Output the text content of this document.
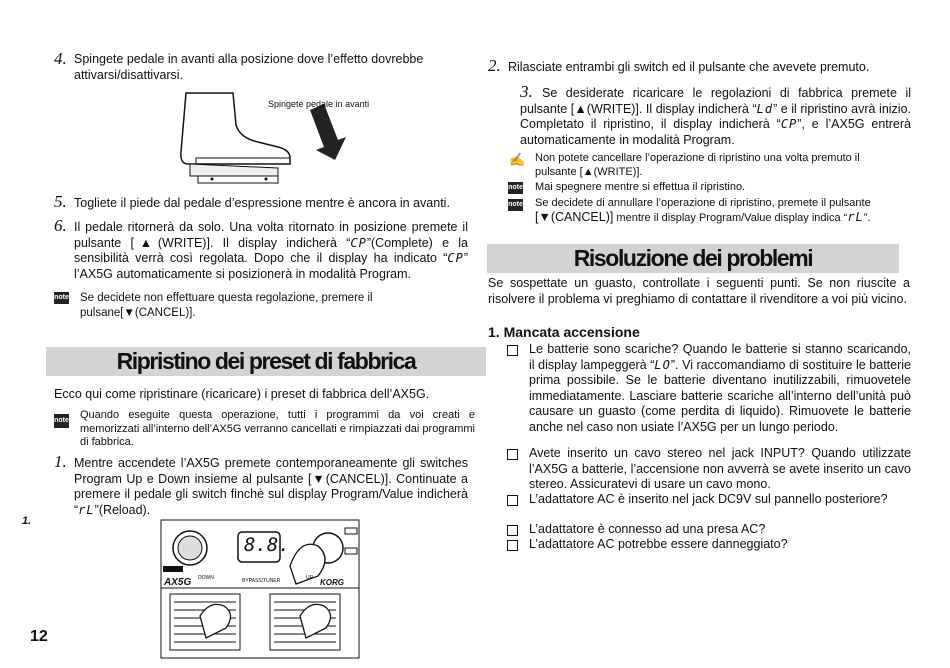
4. Spingete pedale in avanti alla posizione dove l’effetto dovrebbe attivarsi/disattivarsi.
Spingete pedale in avanti
5. Togliete il piede dal pedale d’espressione mentre è ancora in avanti.
6. Il pedale ritornerà da solo. Una volta ritornato in posizione premete il pulsante [▲(WRITE)]. Il display indicherà “CP”(Complete) e la sensibilità verrà così regolata. Dopo che il display ha indicato “CP” l’AX5G automaticamente si posizionerà in modalità Program.
note Se decidete non effettuare questa regolazione, premere il pulsane[▼(CANCEL)].
Ripristino dei preset di fabbrica
Ecco qui come ripristinare (ricaricare) i preset di fabbrica dell’AX5G.
note Quando eseguite questa operazione, tutti i programmi da voi creati e memorizzati all’interno dell’AX5G verranno cancellati e rimpiazzati dai programmi di fabbrica.
1. Mentre accendete l’AX5G premete contemporaneamente gli switches Program Up e Down insieme al pulsante [▼(CANCEL)]. Continuate a premere il pedale gli switch finchè sul display Program/Value indicherà “rL”(Reload).
1.
8.8.
AX5G	KORG
DOWN	BYPASS/TUNER	UP
12
2. Rilasciate entrambi gli switch ed il pulsante che avevete premuto.
3. Se desiderate ricaricare le regolazioni di fabbrica premete il pulsante [▲(WRITE)]. Il display indicherà “Ld” e il ripristino avrà inizio. Completato il ripristino, il display indicherà “CP”, e l’AX5G entrerà automaticamente in modalità Program.
✍ Non potete cancellare l’operazione di ripristino una volta premuto il pulsante [▲(WRITE)].
note Mai spegnere mentre si effettua il ripristino.
note Se decidete di annullare l’operazione di ripristino, premete il pulsante
[▼(CANCEL)] mentre il display Program/Value display indica “rL”.
Risoluzione dei problemi
Se sospettate un guasto, controllate i seguenti punti. Se non riuscite a risolvere il problema vi preghiamo di contattare il rivenditore a voi più vicino.
1. Mancata accensione
Le batterie sono scariche? Quando le batterie si stanno scaricando, il display lampeggerà “LO”. Vi raccomandiamo di sostituire le batterie prima possibile. Se le batterie diventano inutilizzabili, rimuovetele immediatamente. Lasciare batterie scariche all’interno dell’unità può causare un guasto (come perdita di liquido). Rimuovete le batterie anche nel caso non usiate l’AX5G per un lungo periodo.
Avete inserito un cavo stereo nel jack INPUT? Quando utilizzate l’AX5G a batterie, l’accensione non avverrà se avete inserito un cavo stereo. Assicuratevi di usare un cavo mono.
L’adattatore AC è inserito nel jack DC9V sul pannello posteriore?
L’adattatore è connesso ad una presa AC?
L’adattatore AC potrebbe essere danneggiato?
